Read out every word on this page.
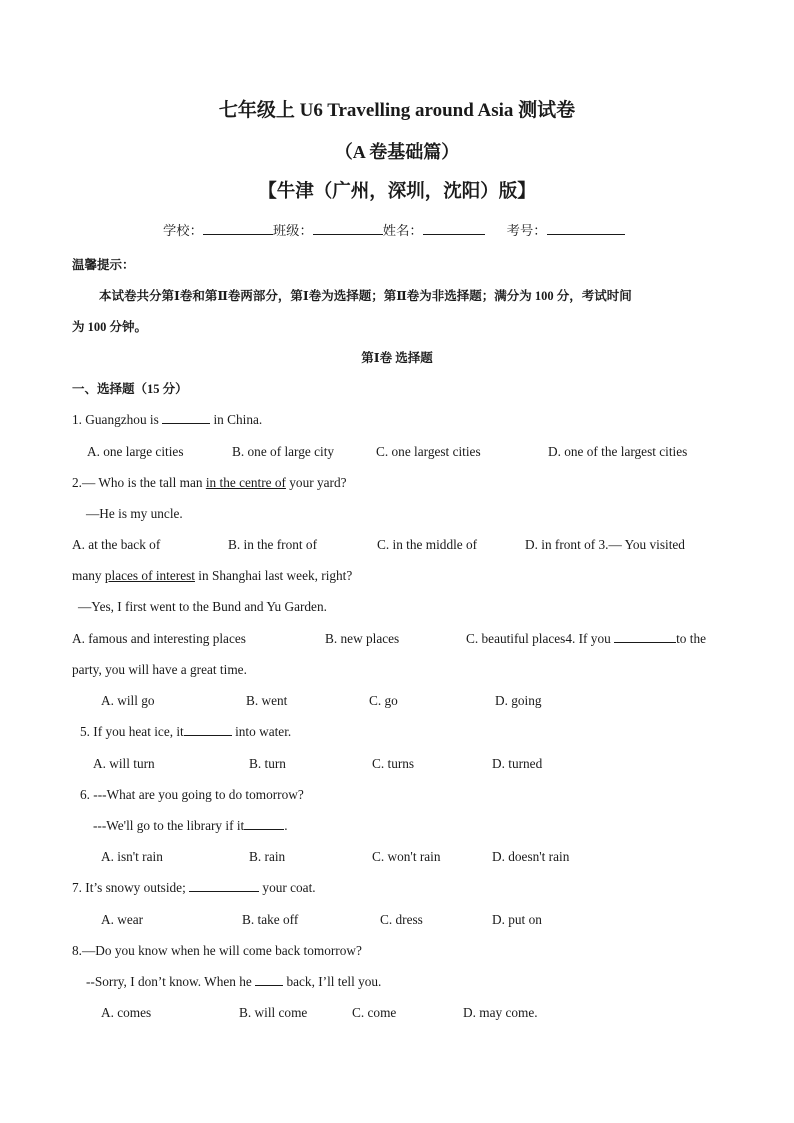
七年级上 U6 Travelling around Asia 测试卷
（A 卷基础篇）
【牛津（广州，深圳，沈阳）版】
学校：	班级：	姓名：	考号：
温馨提示：
本试卷共分第Ⅰ卷和第Ⅱ卷两部分，第Ⅰ卷为选择题；第Ⅱ卷为非选择题；满分为 100 分，考试时间
为 100 分钟。
第Ⅰ卷 选择题
一、选择题（15 分）
1. Guangzhou is	in China.
A. one large cities	B. one of large city	C. one largest cities	D. one of the largest cities
2.— Who is the tall man in the centre of your yard?
—He is my uncle.
A. at the back of	B. in the front of	C. in the middle of	D. in front of 3.— You visited
many places of interest in Shanghai last week, right?
—Yes, I first went to the Bund and Yu Garden.
A. famous and interesting places	B. new places	C. beautiful places4. If you	to the
party, you will have a great time.
A. will go	B. went	C. go	D. going
5. If you heat ice, it	into water.
A. will turn	B. turn	C. turns	D. turned
6. ---What are you going to do tomorrow?
---We'll go to the library if it	.
A. isn't rain	B. rain	C. won't rain	D. doesn't rain
7. It’s snowy outside;	your coat.
A. wear	B. take off	C. dress	D. put on
8.—Do you know when he will come back tomorrow?
--Sorry, I don’t know. When he  back, I’ll tell you.
A. comes	B. will come	C. come	D. may come.
